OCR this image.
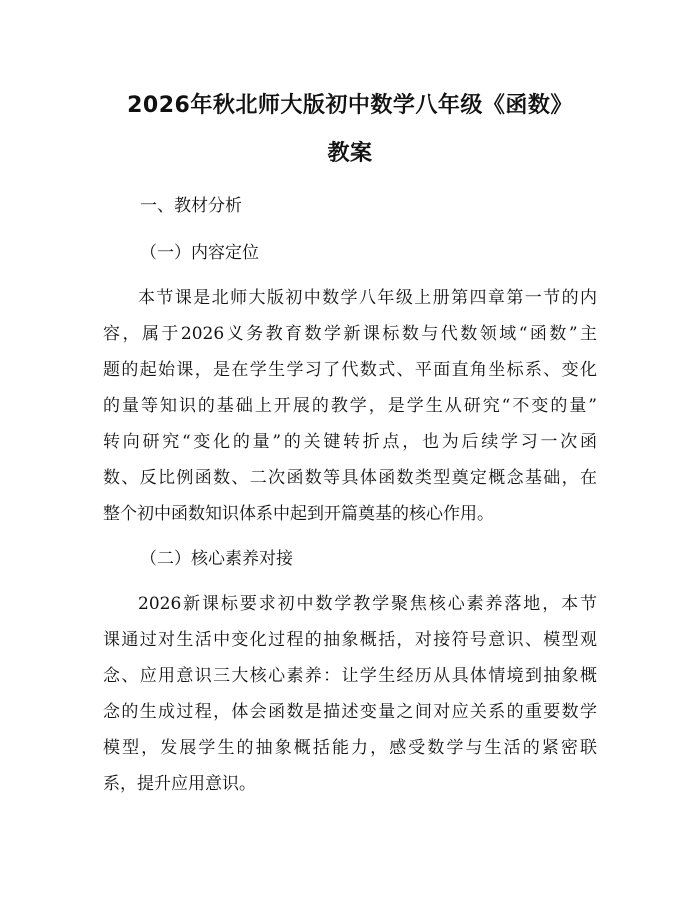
2026年秋北师大版初中数学八年级《函数》
教案
一、教材分析
（一）内容定位
本节课是北师大版初中数学八年级上册第四章第一节的内
容，属于2026义务教育数学新课标数与代数领域“函数”主
题的起始课，是在学生学习了代数式、平面直角坐标系、变化
的量等知识的基础上开展的教学，是学生从研究“不变的量”
转向研究“变化的量”的关键转折点，也为后续学习一次函
数、反比例函数、二次函数等具体函数类型奠定概念基础，在
整个初中函数知识体系中起到开篇奠基的核心作用。
（二）核心素养对接
2026新课标要求初中数学教学聚焦核心素养落地，本节
课通过对生活中变化过程的抽象概括，对接符号意识、模型观
念、应用意识三大核心素养：让学生经历从具体情境到抽象概
念的生成过程，体会函数是描述变量之间对应关系的重要数学
模型，发展学生的抽象概括能力，感受数学与生活的紧密联
系，提升应用意识。
